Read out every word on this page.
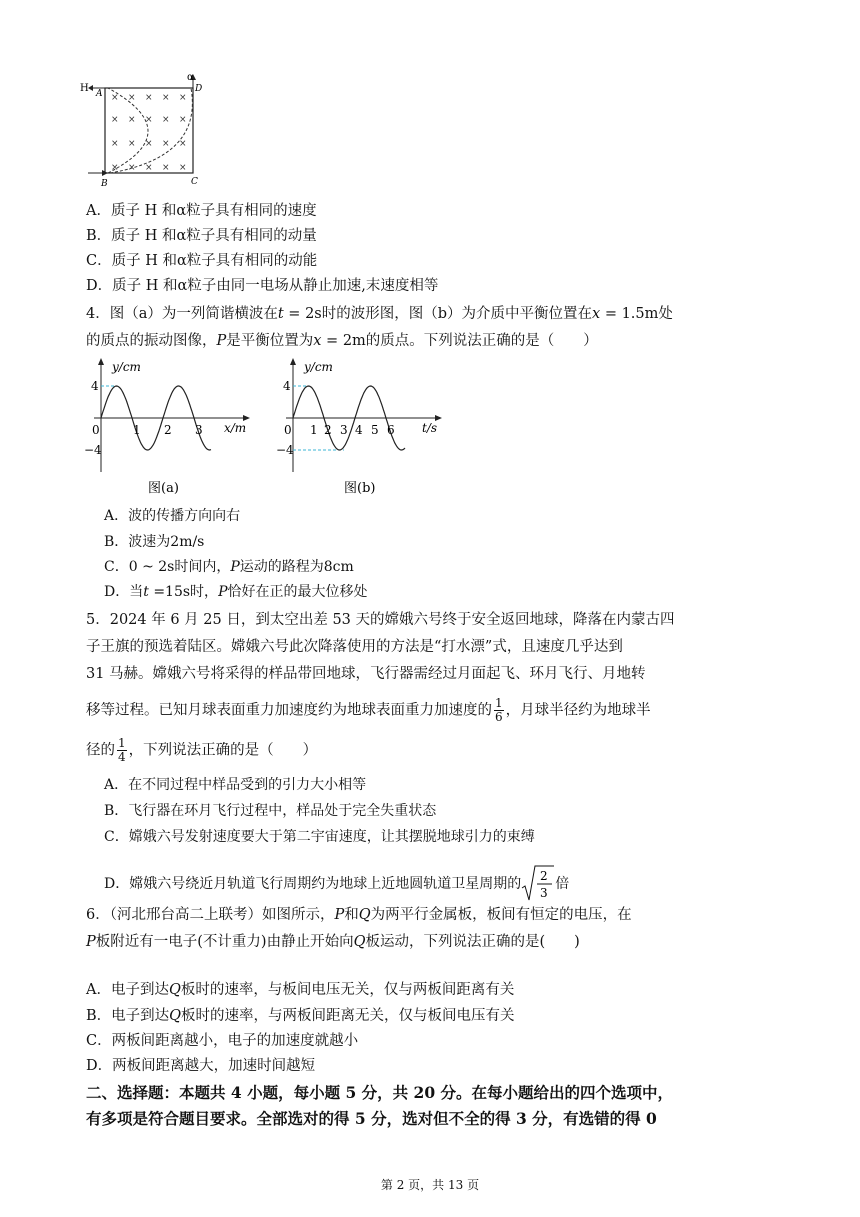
× × × × ×
× × × × ×
× × × × ×
× × × × ×
H
α
A	D
B	C
A．质子 H 和α粒子具有相同的速度
B．质子 H 和α粒子具有相同的动量
C．质子 H 和α粒子具有相同的动能
D．质子 H 和α粒子由同一电场从静止加速,末速度相等
4．图（a）为一列简谐横波在t = 2s时的波形图，图（b）为介质中平衡位置在x = 1.5m处
的质点的振动图像，P是平衡位置为x = 2m的质点。下列说法正确的是（　　）
y/cm
x/m
4
−4
0	1 2 3
图(a)
y/cm
t/s
4
−4
0 1 2 3 4 5 6
图(b)
A．波的传播方向向右
B．波速为2m/s
C．0 ~ 2s时间内，P运动的路程为8cm
D．当t =15s时，P恰好在正的最大位移处
5．2024 年 6 月 25 日，到太空出差 53 天的嫦娥六号终于安全返回地球，降落在内蒙古四
子王旗的预选着陆区。嫦娥六号此次降落使用的方法是“打水漂”式，且速度几乎达到
31 马赫。嫦娥六号将采得的样品带回地球，飞行器需经过月面起飞、环月飞行、月地转
移等过程。已知月球表面重力加速度约为地球表面重力加速度的 $\frac{1}{6}$ ，月球半径约为地球半
径的 $\frac{1}{4}$ ，下列说法正确的是（　　）
A．在不同过程中样品受到的引力大小相等
B．飞行器在环月飞行过程中，样品处于完全失重状态
C．嫦娥六号发射速度要大于第二宇宙速度，让其摆脱地球引力的束缚
D．嫦娥六号绕近月轨道飞行周期约为地球上近地圆轨道卫星周期的 2
3
倍
6．（河北邢台高二上联考）如图所示，P和Q为两平行金属板，板间有恒定的电压，在
P板附近有一电子(不计重力)由静止开始向Q板运动，下列说法正确的是(　　)
A．电子到达Q板时的速率，与板间电压无关，仅与两板间距离有关
B．电子到达Q板时的速率，与两板间距离无关，仅与板间电压有关
C．两板间距离越小，电子的加速度就越小
D．两板间距离越大，加速时间越短
二、选择题：本题共 4 小题，每小题 5 分，共 20 分。在每小题给出的四个选项中，
有多项是符合题目要求。全部选对的得 5 分，选对但不全的得 3 分，有选错的得 0
第 2 页，共 13 页
